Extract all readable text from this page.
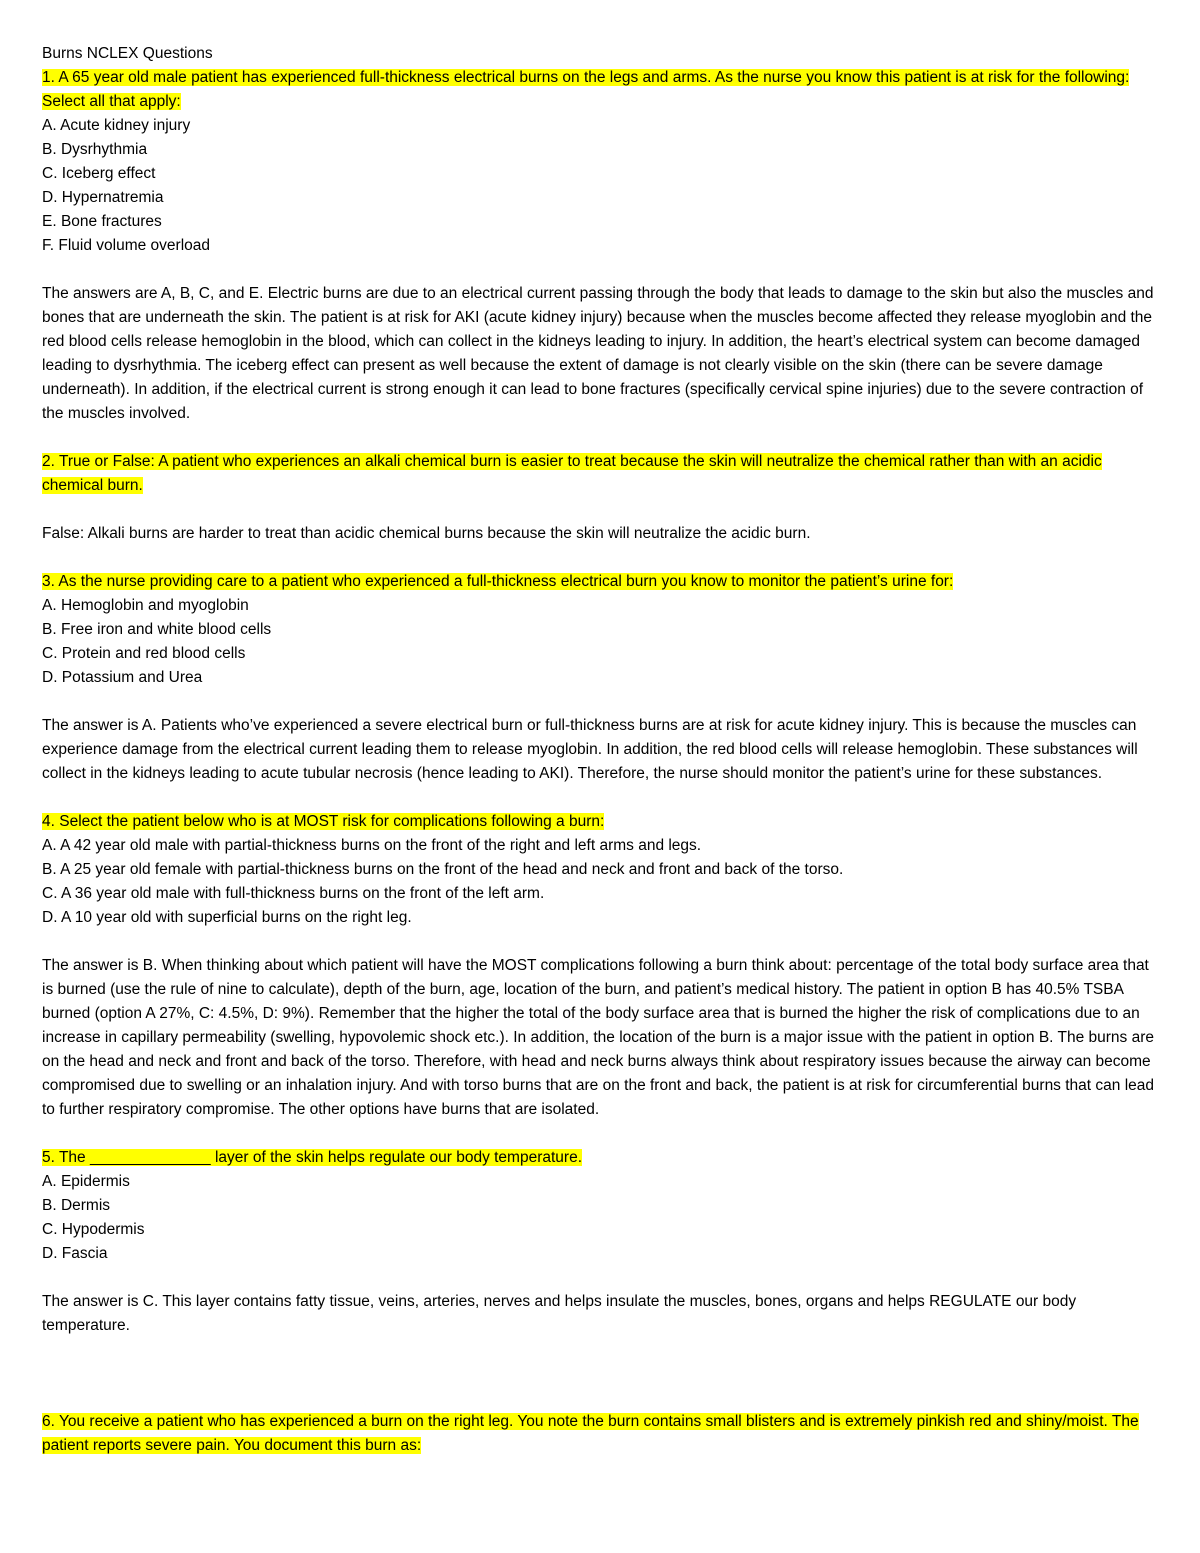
Burns NCLEX Questions
1. A 65 year old male patient has experienced full-thickness electrical burns on the legs and arms. As the nurse you know this patient is at risk for the following: Select all that apply:
A. Acute kidney injury
B. Dysrhythmia
C. Iceberg effect
D. Hypernatremia
E. Bone fractures
F. Fluid volume overload
The answers are A, B, C, and E. Electric burns are due to an electrical current passing through the body that leads to damage to the skin but also the muscles and bones that are underneath the skin. The patient is at risk for AKI (acute kidney injury) because when the muscles become affected they release myoglobin and the red blood cells release hemoglobin in the blood, which can collect in the kidneys leading to injury. In addition, the heart’s electrical system can become damaged leading to dysrhythmia. The iceberg effect can present as well because the extent of damage is not clearly visible on the skin (there can be severe damage underneath). In addition, if the electrical current is strong enough it can lead to bone fractures (specifically cervical spine injuries) due to the severe contraction of the muscles involved.
2. True or False: A patient who experiences an alkali chemical burn is easier to treat because the skin will neutralize the chemical rather than with an acidic chemical burn.
False: Alkali burns are harder to treat than acidic chemical burns because the skin will neutralize the acidic burn.
3. As the nurse providing care to a patient who experienced a full-thickness electrical burn you know to monitor the patient’s urine for:
A. Hemoglobin and myoglobin
B. Free iron and white blood cells
C. Protein and red blood cells
D. Potassium and Urea
The answer is A. Patients who’ve experienced a severe electrical burn or full-thickness burns are at risk for acute kidney injury. This is because the muscles can experience damage from the electrical current leading them to release myoglobin. In addition, the red blood cells will release hemoglobin. These substances will collect in the kidneys leading to acute tubular necrosis (hence leading to AKI). Therefore, the nurse should monitor the patient’s urine for these substances.
4. Select the patient below who is at MOST risk for complications following a burn:
A. A 42 year old male with partial-thickness burns on the front of the right and left arms and legs.
B. A 25 year old female with partial-thickness burns on the front of the head and neck and front and back of the torso.
C. A 36 year old male with full-thickness burns on the front of the left arm.
D. A 10 year old with superficial burns on the right leg.
The answer is B. When thinking about which patient will have the MOST complications following a burn think about: percentage of the total body surface area that is burned (use the rule of nine to calculate), depth of the burn, age, location of the burn, and patient’s medical history. The patient in option B has 40.5% TSBA burned (option A 27%, C: 4.5%, D: 9%). Remember that the higher the total of the body surface area that is burned the higher the risk of complications due to an increase in capillary permeability (swelling, hypovolemic shock etc.). In addition, the location of the burn is a major issue with the patient in option B. The burns are on the head and neck and front and back of the torso. Therefore, with head and neck burns always think about respiratory issues because the airway can become compromised due to swelling or an inhalation injury. And with torso burns that are on the front and back, the patient is at risk for circumferential burns that can lead to further respiratory compromise. The other options have burns that are isolated.
5. The ______________ layer of the skin helps regulate our body temperature.
A. Epidermis
B. Dermis
C. Hypodermis
D. Fascia
The answer is C. This layer contains fatty tissue, veins, arteries, nerves and helps insulate the muscles, bones, organs and helps REGULATE our body temperature.
6. You receive a patient who has experienced a burn on the right leg. You note the burn contains small blisters and is extremely pinkish red and shiny/moist. The patient reports severe pain. You document this burn as:
